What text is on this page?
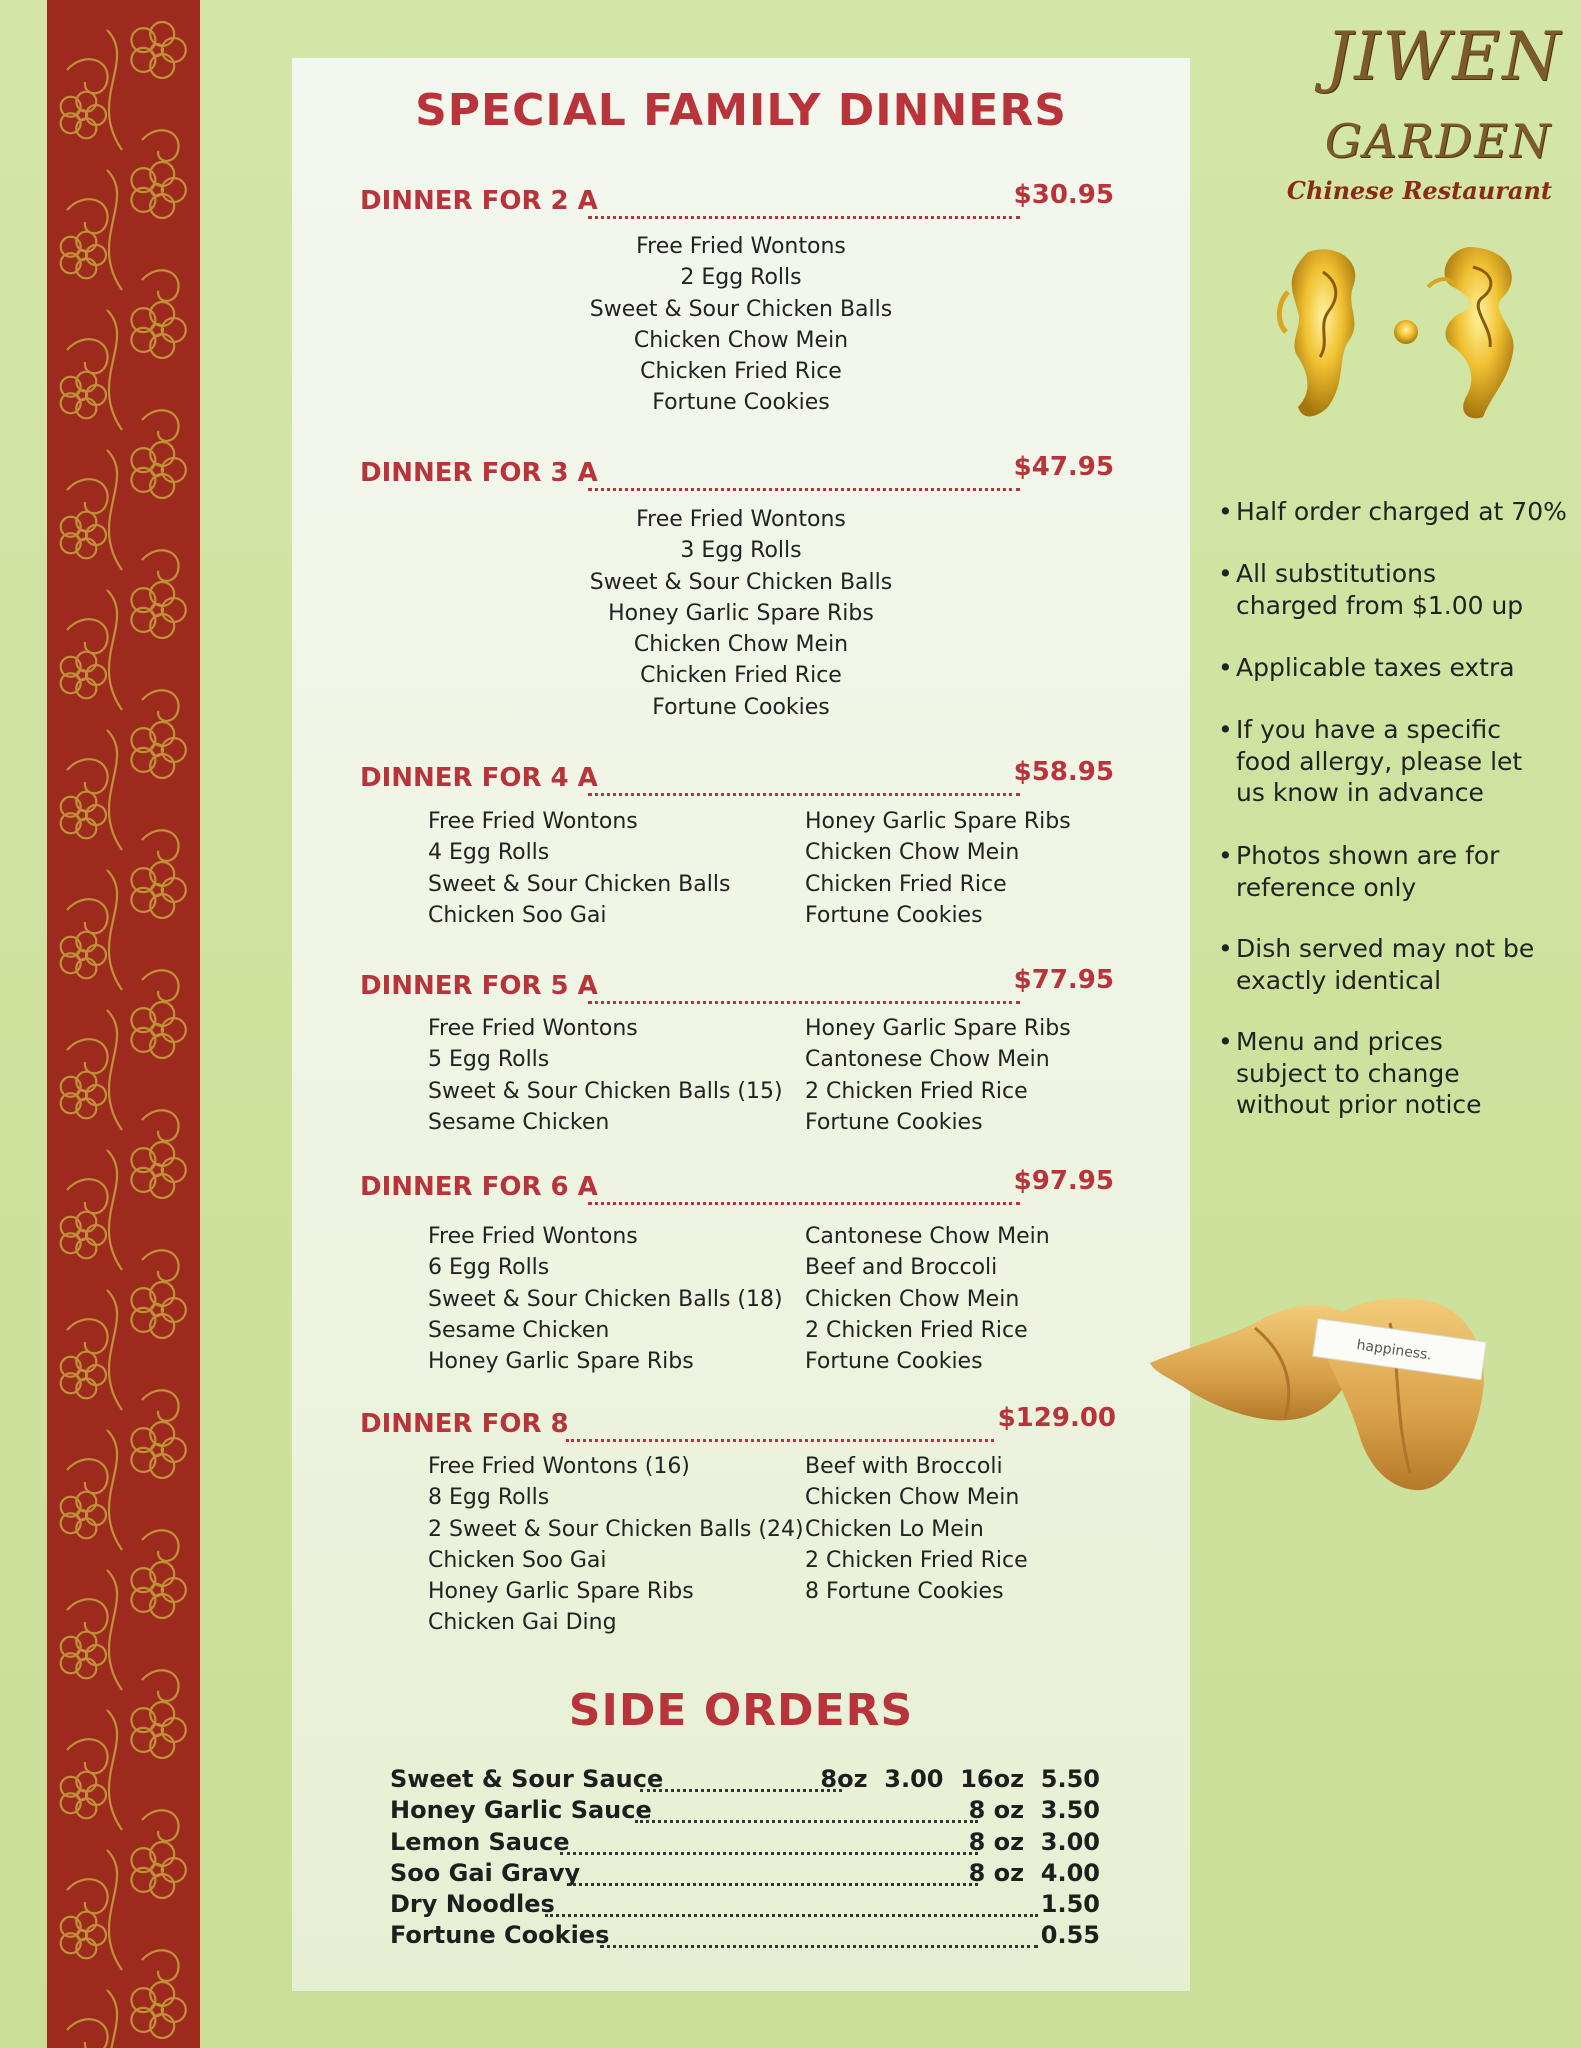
SPECIAL FAMILY DINNERS
DINNER FOR 2 A	$30.95
Free Fried Wontons
2 Egg Rolls
Sweet & Sour Chicken Balls
Chicken Chow Mein
Chicken Fried Rice
Fortune Cookies
DINNER FOR 3 A	$47.95
Free Fried Wontons
3 Egg Rolls
Sweet & Sour Chicken Balls
Honey Garlic Spare Ribs
Chicken Chow Mein
Chicken Fried Rice
Fortune Cookies
DINNER FOR 4 A	$58.95
Free Fried Wontons
4 Egg Rolls
Sweet & Sour Chicken Balls
Chicken Soo Gai
Honey Garlic Spare Ribs
Chicken Chow Mein
Chicken Fried Rice
Fortune Cookies
DINNER FOR 5 A	$77.95
Free Fried Wontons
5 Egg Rolls
Sweet & Sour Chicken Balls (15)
Sesame Chicken
Honey Garlic Spare Ribs
Cantonese Chow Mein
2 Chicken Fried Rice
Fortune Cookies
DINNER FOR 6 A	$97.95
Free Fried Wontons
6 Egg Rolls
Sweet & Sour Chicken Balls (18)
Sesame Chicken
Honey Garlic Spare Ribs
Cantonese Chow Mein
Beef and Broccoli
Chicken Chow Mein
2 Chicken Fried Rice
Fortune Cookies
DINNER FOR 8	$129.00
Free Fried Wontons (16)
8 Egg Rolls
2 Sweet & Sour Chicken Balls (24)
Chicken Soo Gai
Honey Garlic Spare Ribs
Chicken Gai Ding
Beef with Broccoli
Chicken Chow Mein
Chicken Lo Mein
2 Chicken Fried Rice
8 Fortune Cookies
SIDE ORDERS
Sweet & Sour Sauce	8oz  3.00  16oz  5.50
Honey Garlic Sauce	8 oz  3.50
Lemon Sauce	8 oz  3.00
Soo Gai Gravy	8 oz  4.00
Dry Noodles	1.50
Fortune Cookies	0.55
JIWEN
GARDEN
Chinese Restaurant
• Half order charged at 70%
• All substitutions charged from $1.00 up
• Applicable taxes extra
• If you have a specific food allergy, please let us know in advance
• Photos shown are for reference only
• Dish served may not be exactly identical
• Menu and prices subject to change without prior notice
happiness.
